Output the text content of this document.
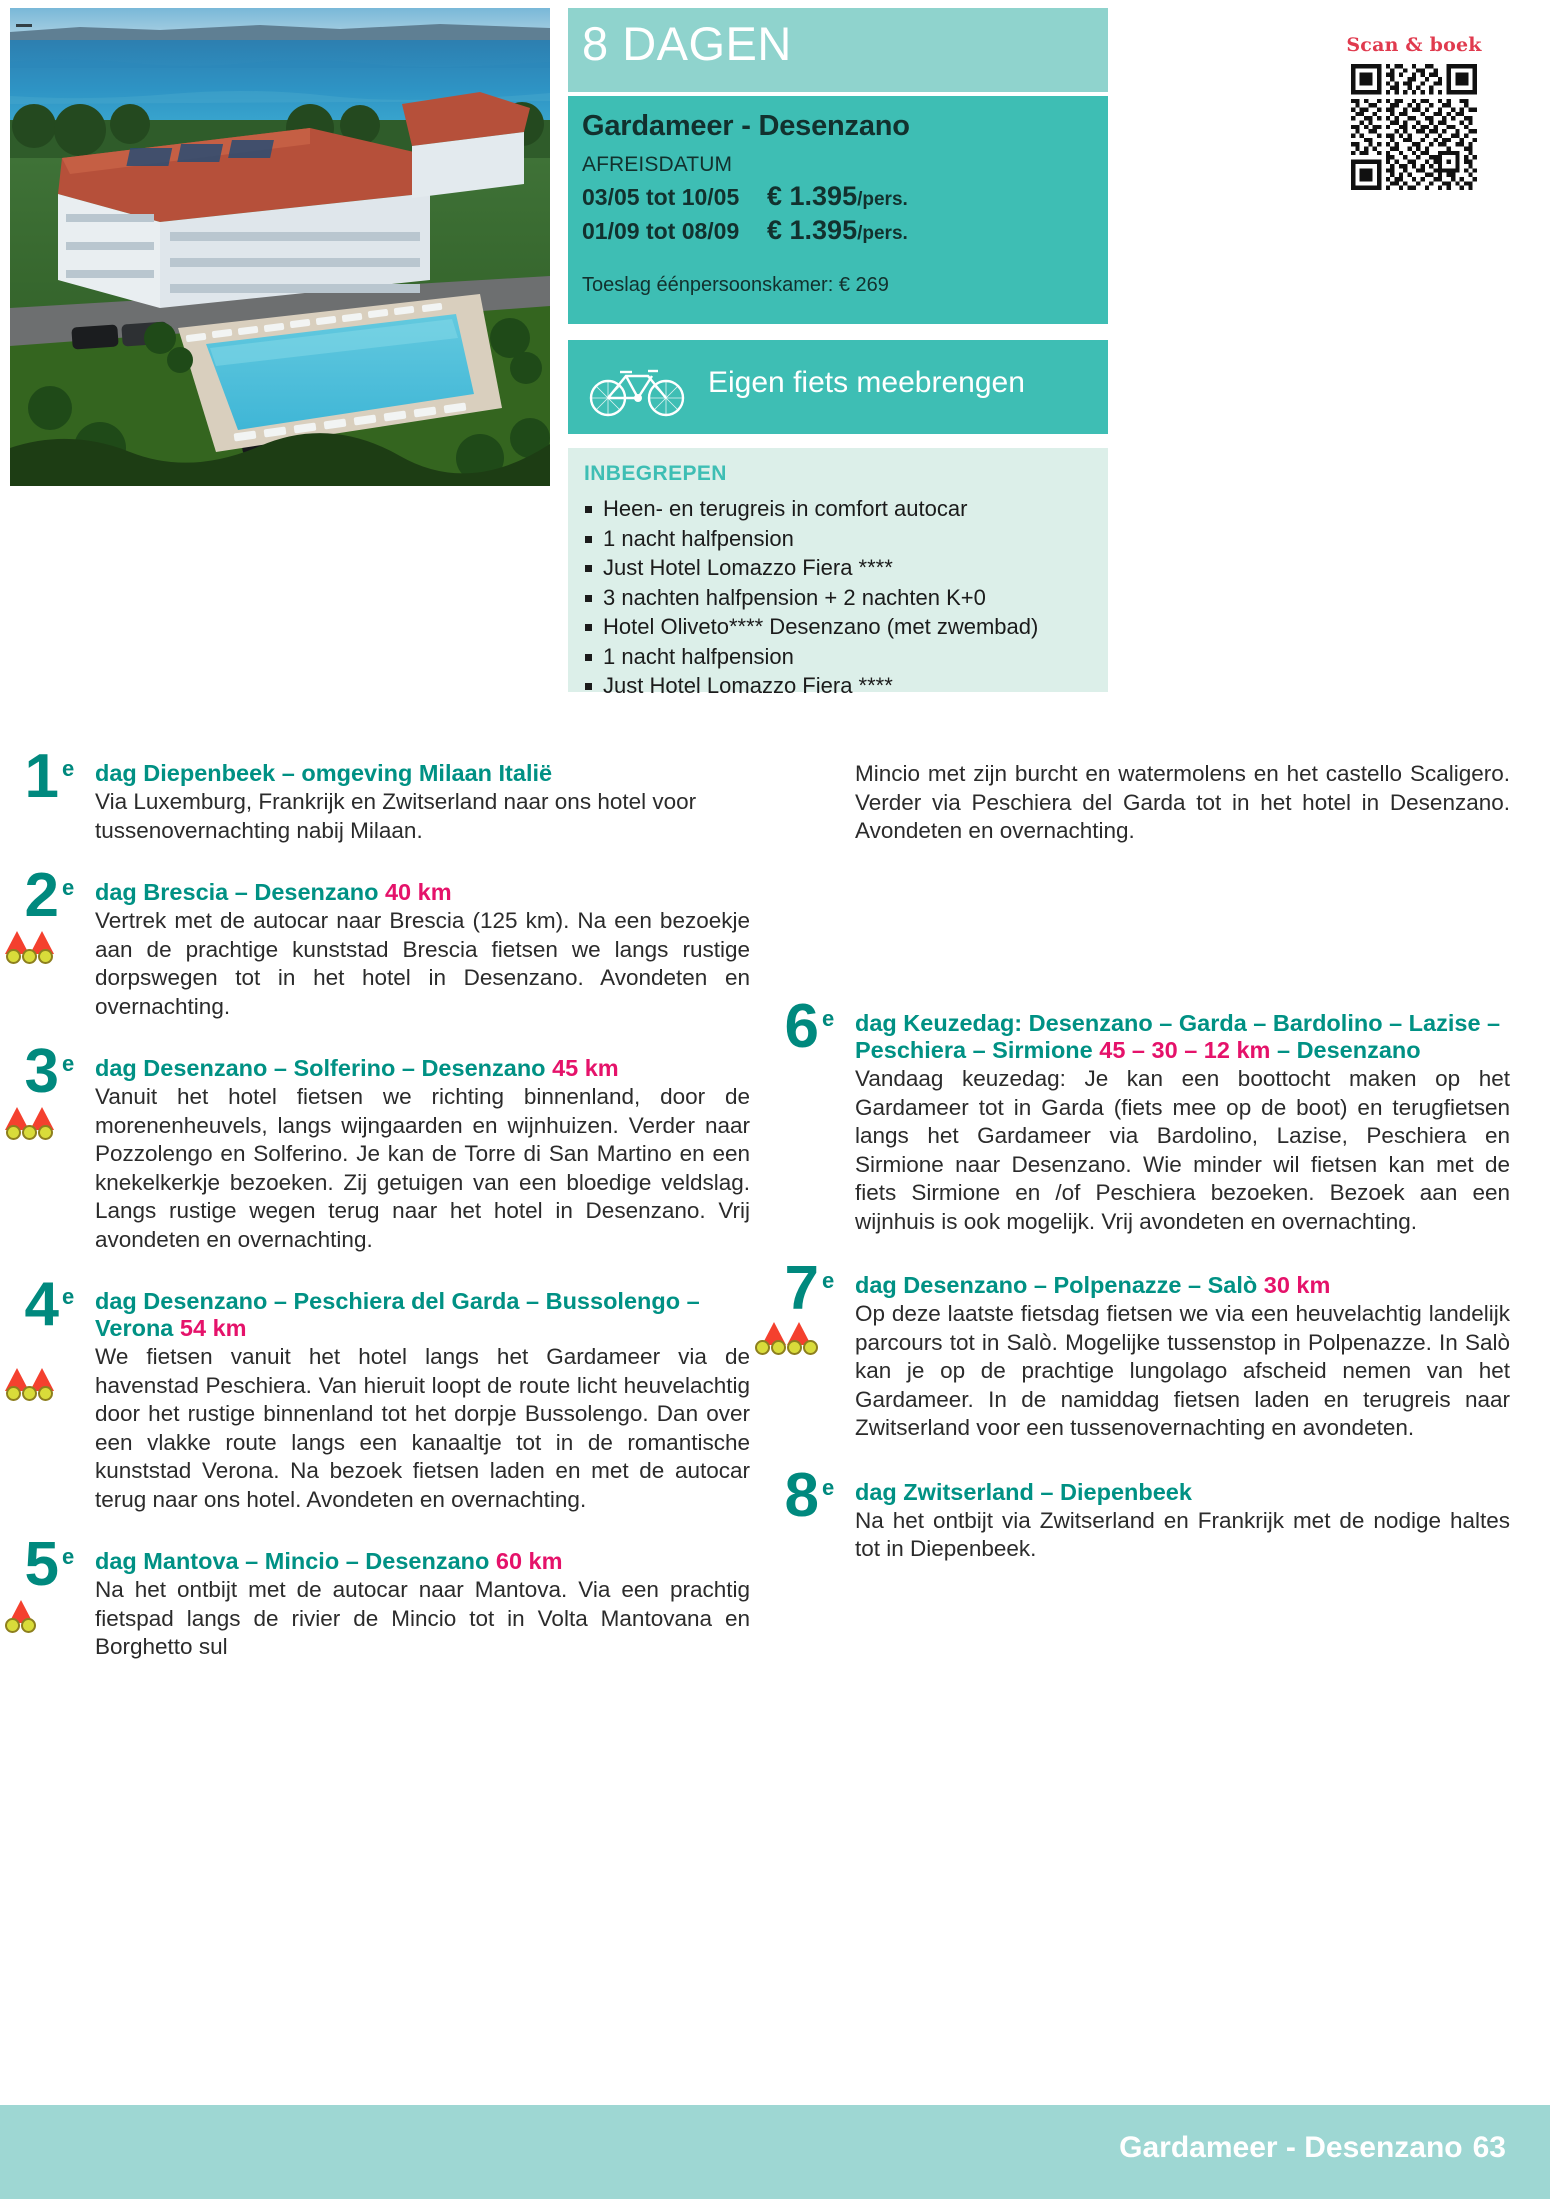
8 DAGEN
Gardameer - Desenzano
AFREISDATUM
03/05 tot 10/05	€ 1.395/pers.
01/09 tot 08/09	€ 1.395/pers.
Toeslag éénpersoonskamer: € 269
Scan & boek
Eigen fiets meebrengen
INBEGREPEN
Heen- en terugreis in comfort autocar
1 nacht halfpension
Just Hotel Lomazzo Fiera ****
3 nachten halfpension + 2 nachten K+0
Hotel Oliveto**** Desenzano (met zwembad)
1 nacht halfpension
Just Hotel Lomazzo Fiera ****
1 e dag Diepenbeek – omgeving Milaan Italië
Via Luxemburg, Frankrijk en Zwitserland naar ons hotel voor tussenovernachting nabij Milaan.
2 e dag Brescia – Desenzano 40 km
Vertrek met de autocar naar Brescia (125 km). Na een bezoekje aan de prachtige kunststad Brescia fietsen we langs rustige dorpswegen tot in het hotel in Desenzano. Avondeten en overnachting.
3 e dag Desenzano – Solferino – Desenzano 45 km
Vanuit het hotel fietsen we richting binnenland, door de morenenheuvels, langs wijngaarden en wijnhuizen. Verder naar Pozzolengo en Solferino. Je kan de Torre di San Martino en een knekelkerkje bezoeken. Zij getuigen van een bloedige veldslag. Langs rustige wegen terug naar het hotel in Desenzano. Vrij avondeten en overnachting.
4 e dag Desenzano – Peschiera del Garda – Bussolengo – Verona 54 km
We fietsen vanuit het hotel langs het Gardameer via de havenstad Peschiera. Van hieruit loopt de route licht heuvelachtig door het rustige binnenland tot het dorpje Bussolengo. Dan over een vlakke route langs een kanaaltje tot in de romantische kunststad Verona. Na bezoek fietsen laden en met de autocar terug naar ons hotel. Avondeten en overnachting.
5 e dag Mantova – Mincio – Desenzano 60 km
Na het ontbijt met de autocar naar Mantova. Via een prachtig fietspad langs de rivier de Mincio tot in Volta Mantovana en Borghetto sul
Mincio met zijn burcht en watermolens en het castello Scaligero. Verder via Peschiera del Garda tot in het hotel in Desenzano. Avondeten en overnachting.
6 e dag Keuzedag: Desenzano – Garda – Bardolino – Lazise – Peschiera – Sirmione 45 – 30 – 12 km – Desenzano
Vandaag keuzedag: Je kan een boottocht maken op het Gardameer tot in Garda (fiets mee op de boot) en terugfietsen langs het Gardameer via Bardolino, Lazise, Peschiera en Sirmione naar Desenzano. Wie minder wil fietsen kan met de fiets Sirmione en /of Peschiera bezoeken. Bezoek aan een wijnhuis is ook mogelijk. Vrij avondeten en overnachting.
7 e dag Desenzano – Polpenazze – Salò 30 km
Op deze laatste fietsdag fietsen we via een heuvelachtig landelijk parcours tot in Salò. Mogelijke tussenstop in Polpenazze. In Salò kan je op de prachtige lungolago afscheid nemen van het Gardameer. In de namiddag fietsen laden en terugreis naar Zwitserland voor een tussenovernachting en avondeten.
8 e dag Zwitserland – Diepenbeek
Na het ontbijt via Zwitserland en Frankrijk met de nodige haltes tot in Diepenbeek.
Gardameer - Desenzano 63
